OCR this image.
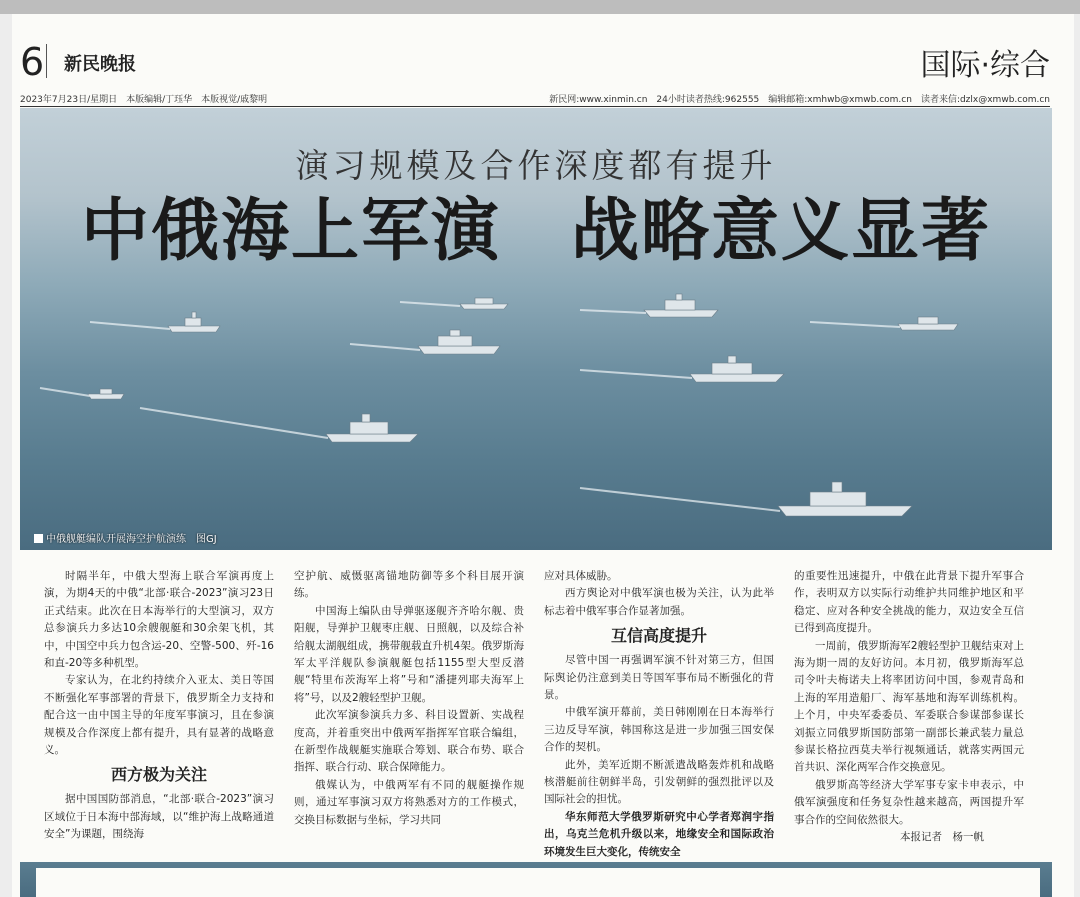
6 新民晚报	国际·综合
2023年7月23日/星期日　本版编辑/丁珏华　本版视觉/戚黎明	新民网:www.xinmin.cn　24小时读者热线:962555　编辑邮箱:xmhwb@xmwb.com.cn　读者来信:dzlx@xmwb.com.cn
演习规模及合作深度都有提升
中俄海上军演　战略意义显著
中俄舰艇编队开展海空护航演练　 图GJ

时隔半年，中俄大型海上联合军演再度上演，为期4天的中俄“北部·联合-2023”演习23日正式结束。此次在日本海举行的大型演习，双方总参演兵力多达10余艘舰艇和30余架飞机，其中，中国空中兵力包含运-20、空警-500、歼-16和直-20等多种机型。

专家认为，在北约持续介入亚太、美日等国不断强化军事部署的背景下，俄罗斯全力支持和配合这一由中国主导的年度军事演习，且在参演规模及合作深度上都有提升，具有显著的战略意义。

西方极为关注

据中国国防部消息，“北部·联合-2023”演习区域位于日本海中部海域，以“维护海上战略通道安全”为课题，围绕海

空护航、威慑驱离锚地防御等多个科目展开演练。

中国海上编队由导弹驱逐舰齐齐哈尔舰、贵阳舰，导弹护卫舰枣庄舰、日照舰，以及综合补给舰太湖舰组成，携带舰载直升机4架。俄罗斯海军太平洋舰队参演舰艇包括1155型大型反潜舰“特里布茨海军上将”号和“潘捷列耶夫海军上将”号，以及2艘轻型护卫舰。

此次军演参演兵力多、科目设置新、实战程度高，并着重突出中俄两军指挥军官联合编组，在新型作战舰艇实施联合筹划、联合布势、联合指挥、联合行动、联合保障能力。

俄媒认为，中俄两军有不同的舰艇操作规则，通过军事演习双方将熟悉对方的工作模式，交换目标数据与坐标，学习共同

应对具体威胁。

西方舆论对中俄军演也极为关注，认为此举标志着中俄军事合作显著加强。

互信高度提升

尽管中国一再强调军演不针对第三方，但国际舆论仍注意到美日等国军事布局不断强化的背景。

中俄军演开幕前，美日韩刚刚在日本海举行三边反导军演，韩国称这是进一步加强三国安保合作的契机。

此外，美军近期不断派遣战略轰炸机和战略核潜艇前往朝鲜半岛，引发朝鲜的强烈批评以及国际社会的担忧。

华东师范大学俄罗斯研究中心学者郑润宇指出，乌克兰危机升级以来，地缘安全和国际政治环境发生巨大变化，传统安全

的重要性迅速提升，中俄在此背景下提升军事合作，表明双方以实际行动维护共同维护地区和平稳定、应对各种安全挑战的能力，双边安全互信已得到高度提升。

一周前，俄罗斯海军2艘轻型护卫舰结束对上海为期一周的友好访问。本月初，俄罗斯海军总司令叶夫梅诺夫上将率团访问中国，参观青岛和上海的军用造船厂、海军基地和海军训练机构。上个月，中央军委委员、军委联合参谋部参谋长刘振立同俄罗斯国防部第一副部长兼武装力量总参谋长格拉西莫夫举行视频通话，就落实两国元首共识、深化两军合作交换意见。

俄罗斯高等经济大学军事专家卡申表示，中俄军演强度和任务复杂性越来越高，两国提升军事合作的空间依然很大。

本报记者　杨一帆
